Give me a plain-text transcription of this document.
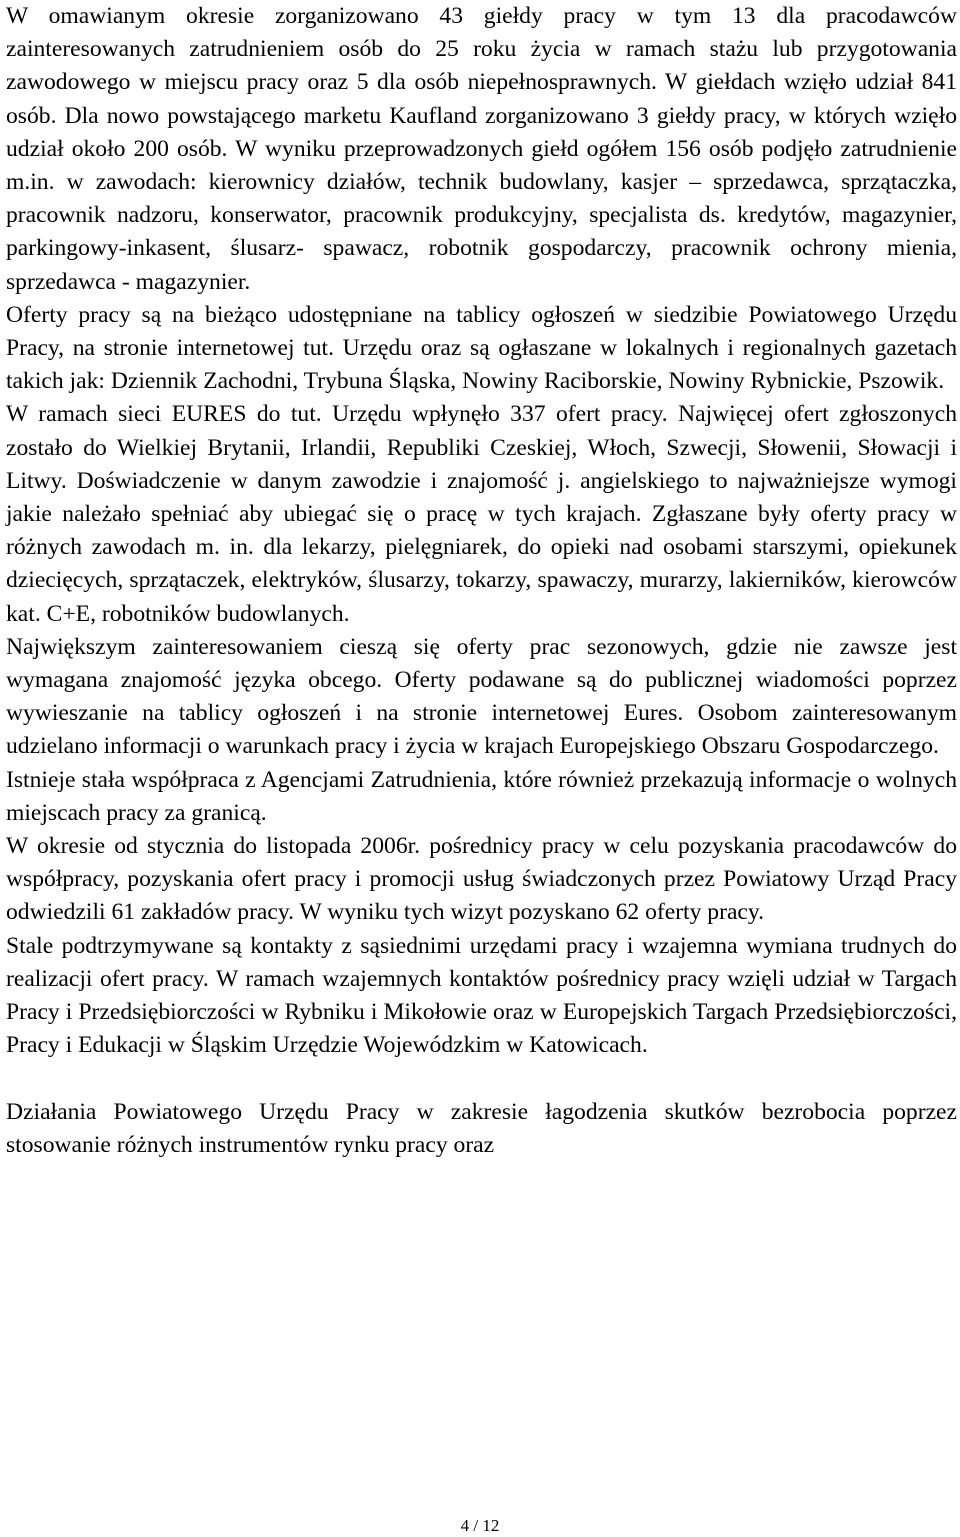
W omawianym okresie zorganizowano 43 giełdy pracy w tym 13 dla pracodawców zainteresowanych zatrudnieniem osób do 25 roku życia w ramach stażu lub przygotowania zawodowego w miejscu pracy oraz 5 dla osób niepełnosprawnych. W giełdach wzięło udział 841 osób. Dla nowo powstającego marketu Kaufland zorganizowano 3 giełdy pracy, w których wzięło udział około 200 osób. W wyniku przeprowadzonych giełd ogółem 156 osób podjęło zatrudnienie m.in. w zawodach: kierownicy działów, technik budowlany, kasjer – sprzedawca, sprzątaczka, pracownik nadzoru, konserwator, pracownik produkcyjny, specjalista ds. kredytów, magazynier, parkingowy-inkasent, ślusarz- spawacz, robotnik gospodarczy, pracownik ochrony mienia, sprzedawca - magazynier.

Oferty pracy są na bieżąco udostępniane na tablicy ogłoszeń w siedzibie Powiatowego Urzędu Pracy, na stronie internetowej tut. Urzędu oraz są ogłaszane w lokalnych i regionalnych gazetach takich jak: Dziennik Zachodni, Trybuna Śląska, Nowiny Raciborskie, Nowiny Rybnickie, Pszowik.

W ramach sieci EURES do tut. Urzędu wpłynęło 337 ofert pracy. Najwięcej ofert zgłoszonych zostało do Wielkiej Brytanii, Irlandii, Republiki Czeskiej, Włoch, Szwecji, Słowenii, Słowacji i Litwy. Doświadczenie w danym zawodzie i znajomość j. angielskiego to najważniejsze wymogi jakie należało spełniać aby ubiegać się o pracę w tych krajach. Zgłaszane były oferty pracy w różnych zawodach m. in. dla lekarzy, pielęgniarek, do opieki nad osobami starszymi, opiekunek dziecięcych, sprzątaczek, elektryków, ślusarzy, tokarzy, spawaczy, murarzy, lakierników, kierowców kat. C+E, robotników budowlanych.

Największym zainteresowaniem cieszą się oferty prac sezonowych, gdzie nie zawsze jest wymagana znajomość języka obcego. Oferty podawane są do publicznej wiadomości poprzez wywieszanie na tablicy ogłoszeń i na stronie internetowej Eures. Osobom zainteresowanym udzielano informacji o warunkach pracy i życia w krajach Europejskiego Obszaru Gospodarczego.

Istnieje stała współpraca z Agencjami Zatrudnienia, które również przekazują informacje o wolnych miejscach pracy za granicą.

W okresie od stycznia do listopada 2006r. pośrednicy pracy w celu pozyskania pracodawców do współpracy, pozyskania ofert pracy i promocji usług świadczonych przez Powiatowy Urząd Pracy odwiedzili 61 zakładów pracy. W wyniku tych wizyt pozyskano 62 oferty pracy.

Stale podtrzymywane są kontakty z sąsiednimi urzędami pracy i wzajemna wymiana trudnych do realizacji ofert pracy. W ramach wzajemnych kontaktów pośrednicy pracy wzięli udział w Targach Pracy i Przedsiębiorczości w Rybniku i Mikołowie oraz w Europejskich Targach Przedsiębiorczości, Pracy i Edukacji w Śląskim Urzędzie Wojewódzkim w Katowicach.

Działania Powiatowego Urzędu Pracy w zakresie łagodzenia skutków bezrobocia poprzez stosowanie różnych instrumentów rynku pracy oraz

4 / 12
